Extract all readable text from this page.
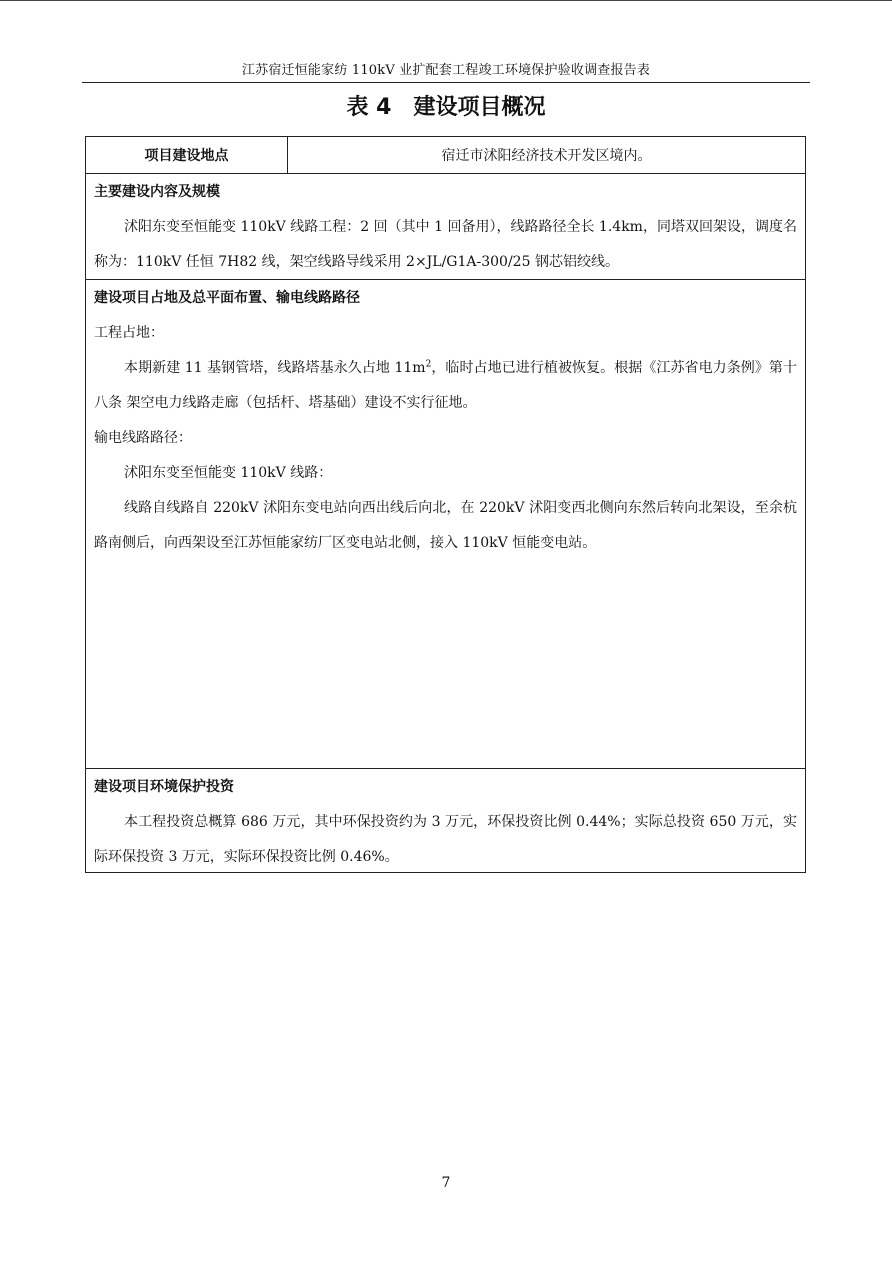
江苏宿迁恒能家纺 110kV 业扩配套工程竣工环境保护验收调查报告表
表 4 建设项目概况
项目建设地点	宿迁市沭阳经济技术开发区境内。
主要建设内容及规模
沭阳东变至恒能变 110kV 线路工程：2 回（其中 1 回备用），线路路径全长 1.4km，同塔双回架设，调度名称为：110kV 任恒 7H82 线，架空线路导线采用 2×JL/G1A-300/25 钢芯铝绞线。
建设项目占地及总平面布置、输电线路路径
工程占地：
本期新建 11 基钢管塔，线路塔基永久占地 $11m^2$，临时占地已进行植被恢复。根据《江苏省电力条例》第十八条 架空电力线路走廊（包括杆、塔基础）建设不实行征地。
输电线路路径：
沭阳东变至恒能变 110kV 线路：
线路自线路自 220kV 沭阳东变电站向西出线后向北，在 220kV 沭阳变西北侧向东然后转向北架设，至余杭路南侧后，向西架设至江苏恒能家纺厂区变电站北侧，接入 110kV 恒能变电站。
建设项目环境保护投资
本工程投资总概算 686 万元，其中环保投资约为 3 万元，环保投资比例 0.44%；实际总投资 650 万元，实际环保投资 3 万元，实际环保投资比例 0.46%。
7
